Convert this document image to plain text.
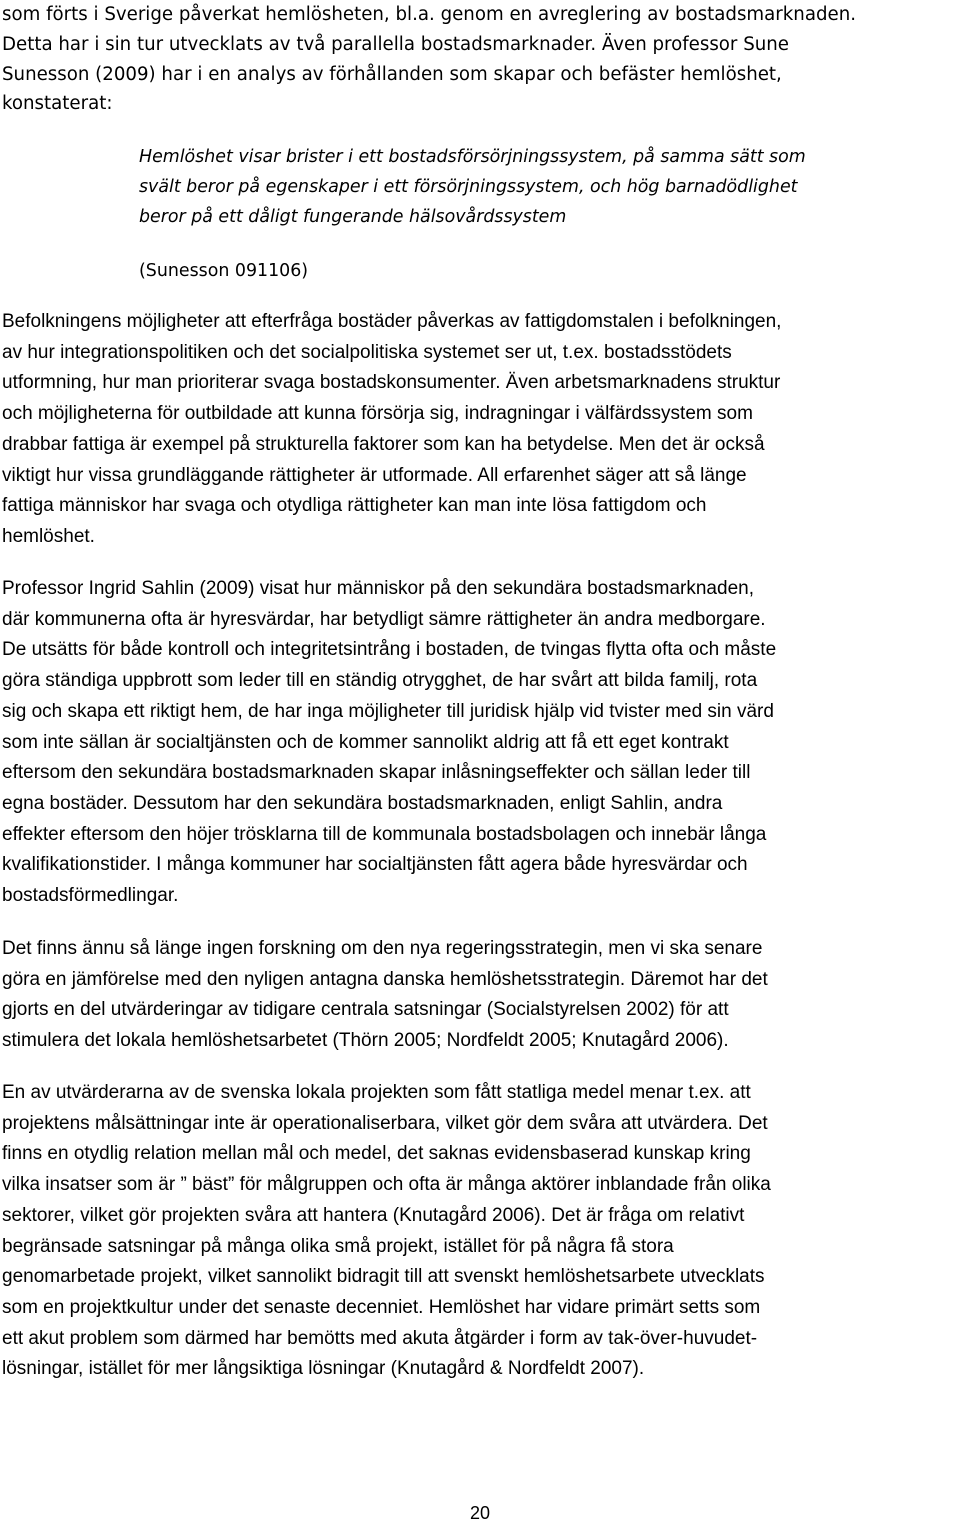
som förts i Sverige påverkat hemlösheten, bl.a. genom en avreglering av bostadsmarknaden.
Detta har i sin tur utvecklats av två parallella bostadsmarknader. Även professor Sune
Sunesson (2009) har i en analys av förhållanden som skapar och befäster hemlöshet,
konstaterat:

Hemlöshet visar brister i ett bostadsförsörjningssystem, på samma sätt som
svält beror på egenskaper i ett försörjningssystem, och hög barnadödlighet
beror på ett dåligt fungerande hälsovårdssystem

(Sunesson 091106)

Befolkningens möjligheter att efterfråga bostäder påverkas av fattigdomstalen i befolkningen,
av hur integrationspolitiken och det socialpolitiska systemet ser ut, t.ex. bostadsstödets
utformning, hur man prioriterar svaga bostadskonsumenter. Även arbetsmarknadens struktur
och möjligheterna för outbildade att kunna försörja sig, indragningar i välfärdssystem som
drabbar fattiga är exempel på strukturella faktorer som kan ha betydelse. Men det är också
viktigt hur vissa grundläggande rättigheter är utformade. All erfarenhet säger att så länge
fattiga människor har svaga och otydliga rättigheter kan man inte lösa fattigdom och
hemlöshet.

Professor Ingrid Sahlin (2009) visat hur människor på den sekundära bostadsmarknaden,
där kommunerna ofta är hyresvärdar, har betydligt sämre rättigheter än andra medborgare.
De utsätts för både kontroll och integritetsintrång i bostaden, de tvingas flytta ofta och måste
göra ständiga uppbrott som leder till en ständig otrygghet, de har svårt att bilda familj, rota
sig och skapa ett riktigt hem, de har inga möjligheter till juridisk hjälp vid tvister med sin värd
som inte sällan är socialtjänsten och de kommer sannolikt aldrig att få ett eget kontrakt
eftersom den sekundära bostadsmarknaden skapar inlåsningseffekter och sällan leder till
egna bostäder. Dessutom har den sekundära bostadsmarknaden, enligt Sahlin, andra
effekter eftersom den höjer trösklarna till de kommunala bostadsbolagen och innebär långa
kvalifikationstider. I många kommuner har socialtjänsten fått agera både hyresvärdar och
bostadsförmedlingar.

Det finns ännu så länge ingen forskning om den nya regeringsstrategin, men vi ska senare
göra en jämförelse med den nyligen antagna danska hemlöshetsstrategin. Däremot har det
gjorts en del utvärderingar av tidigare centrala satsningar (Socialstyrelsen 2002) för att
stimulera det lokala hemlöshetsarbetet (Thörn 2005; Nordfeldt 2005; Knutagård 2006).

En av utvärderarna av de svenska lokala projekten som fått statliga medel menar t.ex. att
projektens målsättningar inte är operationaliserbara, vilket gör dem svåra att utvärdera. Det
finns en otydlig relation mellan mål och medel, det saknas evidensbaserad kunskap kring
vilka insatser som är ” bäst” för målgruppen och ofta är många aktörer inblandade från olika
sektorer, vilket gör projekten svåra att hantera (Knutagård 2006). Det är fråga om relativt
begränsade satsningar på många olika små projekt, istället för på några få stora
genomarbetade projekt, vilket sannolikt bidragit till att svenskt hemlöshetsarbete utvecklats
som en projektkultur under det senaste decenniet. Hemlöshet har vidare primärt setts som
ett akut problem som därmed har bemötts med akuta åtgärder i form av tak-över-huvudet-
lösningar, istället för mer långsiktiga lösningar (Knutagård & Nordfeldt 2007).

20
